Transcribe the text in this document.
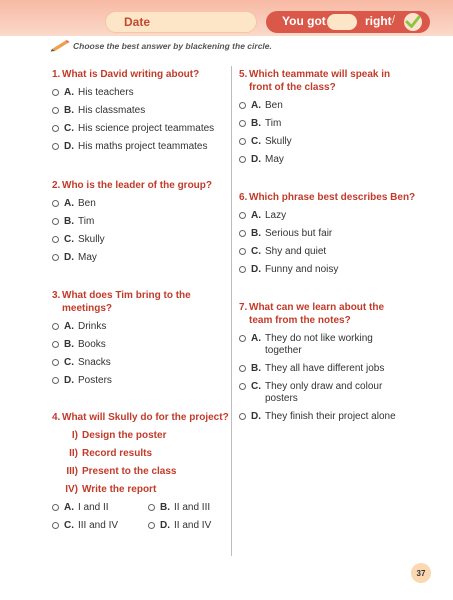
Date	You got	right /
Choose the best answer by blackening the circle.
1. What is David writing about?
A. His teachers
B. His classmates
C. His science project teammates
D. His maths project teammates
2. Who is the leader of the group?
A. Ben
B. Tim
C. Skully
D. May
3. What does Tim bring to the meetings?
A. Drinks
B. Books
C. Snacks
D. Posters
4. What will Skully do for the project?
I) Design the poster
II) Record results
III) Present to the class
IV) Write the report
A. I and II	B. II and III
C. III and IV	D. II and IV
5. Which teammate will speak in front of the class?
A. Ben
B. Tim
C. Skully
D. May
6. Which phrase best describes Ben?
A. Lazy
B. Serious but fair
C. Shy and quiet
D. Funny and noisy
7. What can we learn about the team from the notes?
A. They do not like working together
B. They all have different jobs
C. They only draw and colour posters
D. They finish their project alone
37
